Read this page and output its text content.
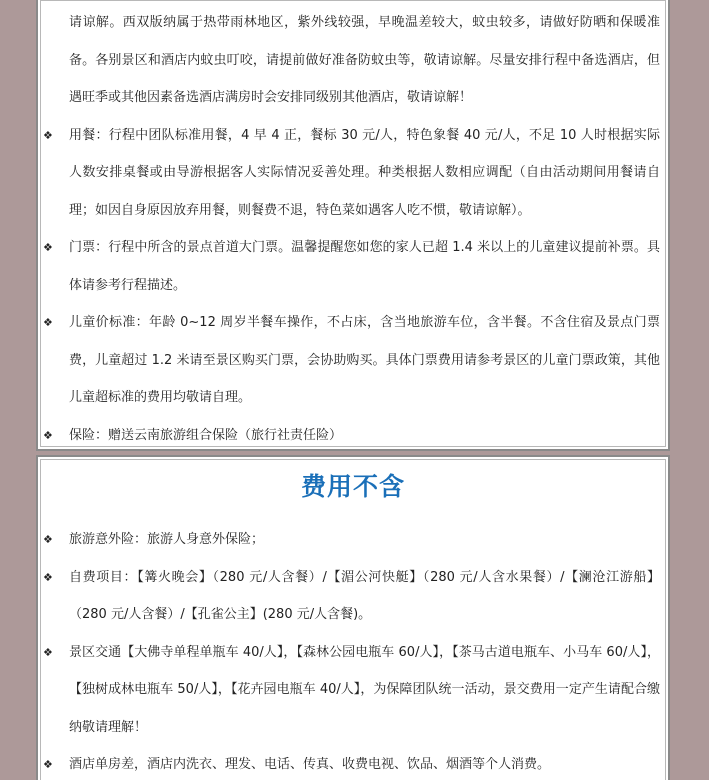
请谅解。西双版纳属于热带雨林地区，紫外线较强，早晚温差较大，蚊虫较多，请做好防晒和保暖准备。各别景区和酒店内蚊虫叮咬，请提前做好准备防蚊虫等，敬请谅解。尽量安排行程中备选酒店，但遇旺季或其他因素备选酒店满房时会安排同级别其他酒店，敬请谅解！
❖ 用餐：行程中团队标准用餐，4 早 4 正，餐标 30 元/人，特色象餐 40 元/人，不足 10 人时根据实际人数安排桌餐或由导游根据客人实际情况妥善处理。种类根据人数相应调配（自由活动期间用餐请自理；如因自身原因放弃用餐，则餐费不退，特色菜如遇客人吃不惯，敬请谅解）。
❖ 门票：行程中所含的景点首道大门票。温馨提醒您如您的家人已超 1.4 米以上的儿童建议提前补票。具体请参考行程描述。
❖ 儿童价标准：年龄 0~12 周岁半餐车操作，不占床，含当地旅游车位，含半餐。不含住宿及景点门票费，儿童超过 1.2 米请至景区购买门票，会协助购买。具体门票费用请参考景区的儿童门票政策，其他儿童超标准的费用均敬请自理。
❖ 保险：赠送云南旅游组合保险（旅行社责任险）
费用不含
❖ 旅游意外险：旅游人身意外保险；
❖ 自费项目：【篝火晚会】（280 元/人含餐）/【湄公河快艇】（280 元/人含水果餐）/【澜沧江游船】（280 元/人含餐）/【孔雀公主】(280 元/人含餐)。
❖ 景区交通【大佛寺单程单瓶车 40/人】，【森林公园电瓶车 60/人】，【茶马古道电瓶车、小马车 60/人】，【独树成林电瓶车 50/人】，【花卉园电瓶车 40/人】，为保障团队统一活动，景交费用一定产生请配合缴纳敬请理解！
❖ 酒店单房差，酒店内洗衣、理发、电话、传真、收费电视、饮品、烟酒等个人消费。
